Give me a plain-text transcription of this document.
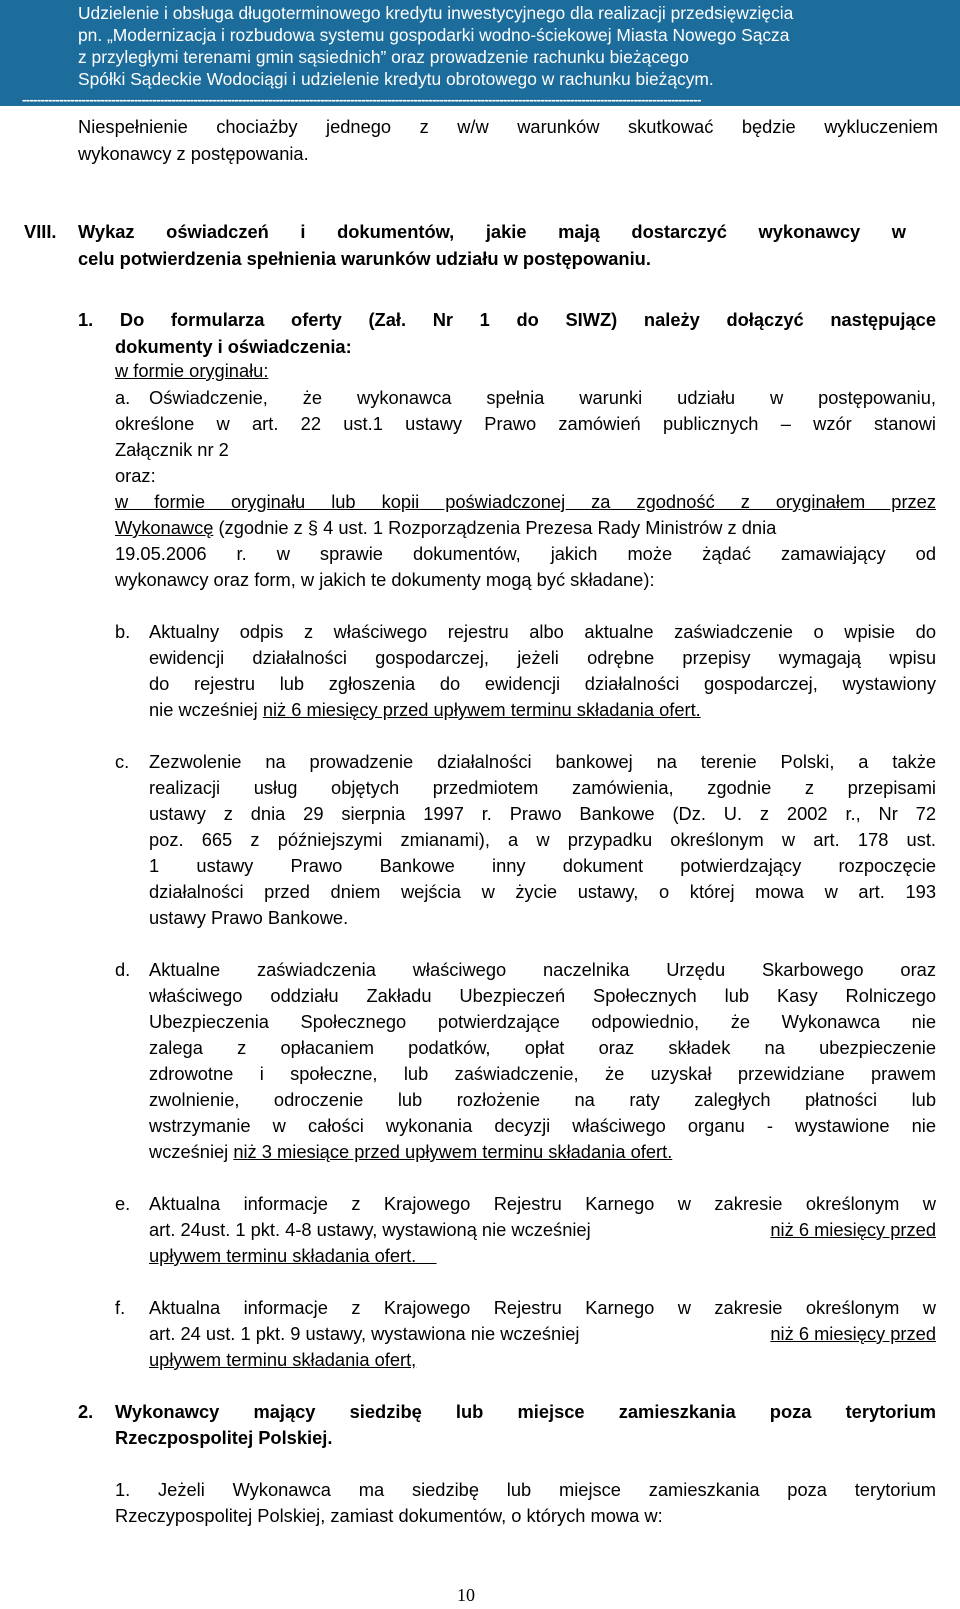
Udzielenie i obsługa długoterminowego kredytu inwestycyjnego dla realizacji przedsięwzięcia
pn. „Modernizacja i rozbudowa systemu gospodarki wodno-ściekowej Miasta Nowego Sącza
z przyległymi terenami gmin sąsiednich” oraz prowadzenie rachunku bieżącego
Spółki Sądeckie Wodociągi i udzielenie kredytu obrotowego w rachunku bieżącym.
--------------------------------------------------------------------------------------------------------------------------------------------------------------------------------------
Niespełnienie chociażby jednego z w/w warunków skutkować będzie wykluczeniem
wykonawcy z postępowania.
VIII. Wykaz oświadczeń i dokumentów, jakie mają dostarczyć wykonawcy w
celu potwierdzenia spełnienia warunków udziału w postępowaniu.
1. Do formularza oferty (Zał. Nr 1 do SIWZ) należy dołączyć następujące
dokumenty i oświadczenia:
w formie oryginału:
a. Oświadczenie, że wykonawca spełnia warunki udziału w postępowaniu,
określone w art. 22 ust.1 ustawy Prawo zamówień publicznych – wzór stanowi
Załącznik nr 2
oraz:
w formie oryginału lub kopii poświadczonej za zgodność z oryginałem przez
Wykonawcę (zgodnie z § 4 ust. 1 Rozporządzenia Prezesa Rady Ministrów z dnia
19.05.2006 r. w sprawie dokumentów, jakich może żądać zamawiający od
wykonawcy oraz form, w jakich te dokumenty mogą być składane):
b. Aktualny odpis z właściwego rejestru albo aktualne zaświadczenie o wpisie do
ewidencji działalności gospodarczej, jeżeli odrębne przepisy wymagają wpisu
do rejestru lub zgłoszenia do ewidencji działalności gospodarczej, wystawiony
nie wcześniej niż 6 miesięcy przed upływem terminu składania ofert.
c. Zezwolenie na prowadzenie działalności bankowej na terenie Polski, a także
realizacji usług objętych przedmiotem zamówienia, zgodnie z przepisami
ustawy z dnia 29 sierpnia 1997 r. Prawo Bankowe (Dz. U. z 2002 r., Nr 72
poz. 665 z późniejszymi zmianami), a w przypadku określonym w art. 178 ust.
1 ustawy Prawo Bankowe inny dokument potwierdzający rozpoczęcie
działalności przed dniem wejścia w życie ustawy, o której mowa w art. 193
ustawy Prawo Bankowe.
d. Aktualne zaświadczenia właściwego naczelnika Urzędu Skarbowego oraz
właściwego oddziału Zakładu Ubezpieczeń Społecznych lub Kasy Rolniczego
Ubezpieczenia Społecznego potwierdzające odpowiednio, że Wykonawca nie
zalega z opłacaniem podatków, opłat oraz składek na ubezpieczenie
zdrowotne i społeczne, lub zaświadczenie, że uzyskał przewidziane prawem
zwolnienie, odroczenie lub rozłożenie na raty zaległych płatności lub
wstrzymanie w całości wykonania decyzji właściwego organu - wystawione nie
wcześniej niż 3 miesiące przed upływem terminu składania ofert.
e. Aktualna informacje z Krajowego Rejestru Karnego w zakresie określonym w
art. 24ust. 1 pkt. 4-8 ustawy, wystawioną nie wcześniej	niż 6 miesięcy przed
upływem terminu składania ofert.
f. Aktualna informacje z Krajowego Rejestru Karnego w zakresie określonym w
art. 24 ust. 1 pkt. 9 ustawy, wystawiona nie wcześniej	niż 6 miesięcy przed
upływem terminu składania ofert,
2. Wykonawcy mający siedzibę lub miejsce zamieszkania poza terytorium
Rzeczpospolitej Polskiej.
1. Jeżeli Wykonawca ma siedzibę lub miejsce zamieszkania poza terytorium
Rzeczypospolitej Polskiej, zamiast dokumentów, o których mowa w:
10
